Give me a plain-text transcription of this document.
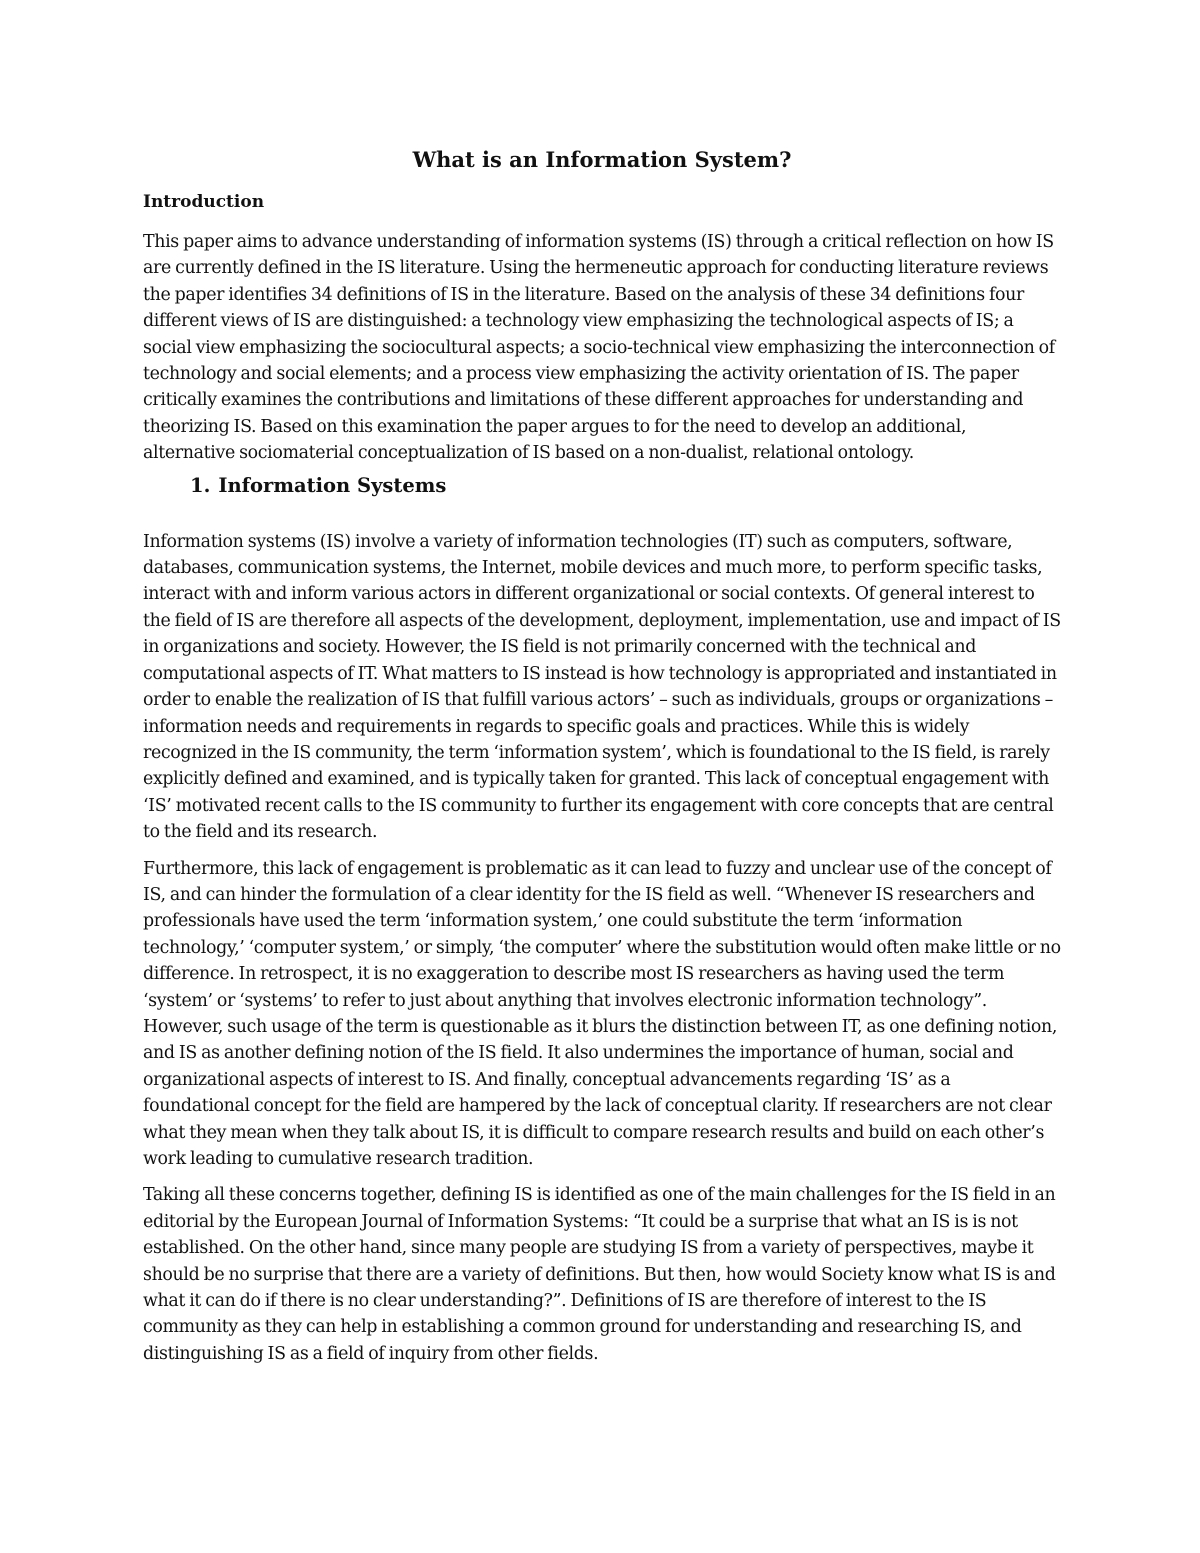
What is an Information System?
Introduction

This paper aims to advance understanding of information systems (IS) through a critical reflection on how IS are currently defined in the IS literature. Using the hermeneutic approach for conducting literature reviews the paper identifies 34 definitions of IS in the literature. Based on the analysis of these 34 definitions four different views of IS are distinguished: a technology view emphasizing the technological aspects of IS; a social view emphasizing the sociocultural aspects; a socio-technical view emphasizing the interconnection of technology and social elements; and a process view emphasizing the activity orientation of IS. The paper critically examines the contributions and limitations of these different approaches for understanding and theorizing IS. Based on this examination the paper argues to for the need to develop an additional, alternative sociomaterial conceptualization of IS based on a non-dualist, relational ontology.

1. Information Systems

Information systems (IS) involve a variety of information technologies (IT) such as computers, software, databases, communication systems, the Internet, mobile devices and much more, to perform specific tasks, interact with and inform various actors in different organizational or social contexts. Of general interest to the field of IS are therefore all aspects of the development, deployment, implementation, use and impact of IS in organizations and society. However, the IS field is not primarily concerned with the technical and computational aspects of IT. What matters to IS instead is how technology is appropriated and instantiated in order to enable the realization of IS that fulfill various actors’ – such as individuals, groups or organizations – information needs and requirements in regards to specific goals and practices. While this is widely recognized in the IS community, the term ‘information system’, which is foundational to the IS field, is rarely explicitly defined and examined, and is typically taken for granted. This lack of conceptual engagement with ‘IS’ motivated recent calls to the IS community to further its engagement with core concepts that are central to the field and its research.

Furthermore, this lack of engagement is problematic as it can lead to fuzzy and unclear use of the concept of IS, and can hinder the formulation of a clear identity for the IS field as well. “Whenever IS researchers and professionals have used the term ‘information system,’ one could substitute the term ‘information technology,’ ‘computer system,’ or simply, ‘the computer’ where the substitution would often make little or no difference. In retrospect, it is no exaggeration to describe most IS researchers as having used the term ‘system’ or ‘systems’ to refer to just about anything that involves electronic information technology”. However, such usage of the term is questionable as it blurs the distinction between IT, as one defining notion, and IS as another defining notion of the IS field. It also undermines the importance of human, social and organizational aspects of interest to IS. And finally, conceptual advancements regarding ‘IS’ as a foundational concept for the field are hampered by the lack of conceptual clarity. If researchers are not clear what they mean when they talk about IS, it is difficult to compare research results and build on each other’s work leading to cumulative research tradition.

Taking all these concerns together, defining IS is identified as one of the main challenges for the IS field in an editorial by the European Journal of Information Systems: “It could be a surprise that what an IS is is not established. On the other hand, since many people are studying IS from a variety of perspectives, maybe it should be no surprise that there are a variety of definitions. But then, how would Society know what IS is and what it can do if there is no clear understanding?”. Definitions of IS are therefore of interest to the IS community as they can help in establishing a common ground for understanding and researching IS, and distinguishing IS as a field of inquiry from other fields.
